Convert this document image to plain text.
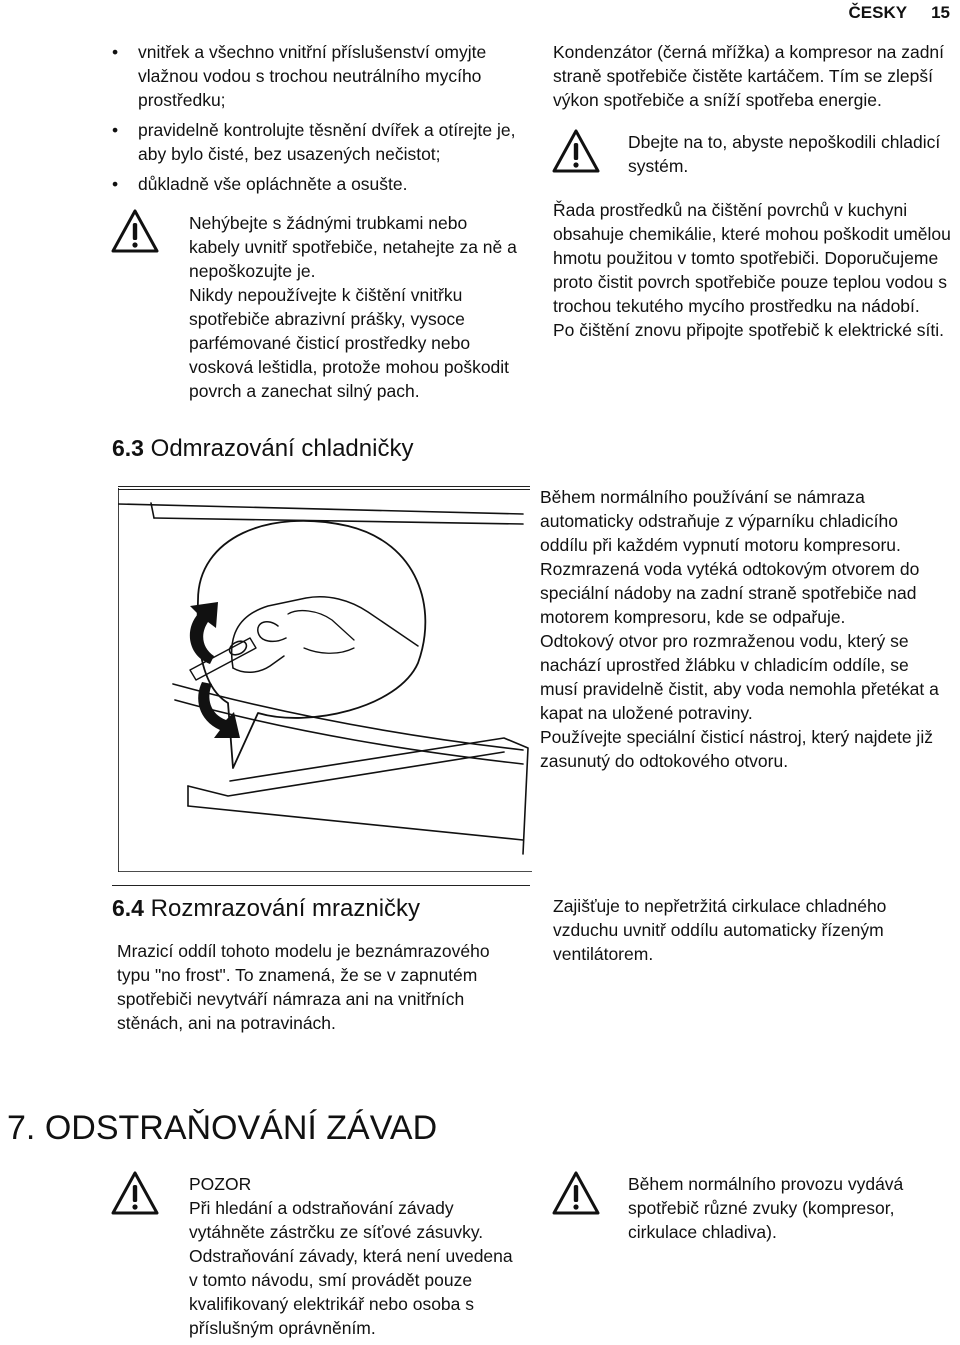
ČESKY 15
• vnitřek a všechno vnitřní příslušenství omyjte vlažnou vodou s trochou neutrálního mycího prostředku;
• pravidelně kontrolujte těsnění dvířek a otírejte je, aby bylo čisté, bez usazených nečistot;
• důkladně vše opláchněte a osušte.

Nehýbejte s žádnými trubkami nebo kabely uvnitř spotřebiče, netahejte za ně a nepoškozujte je.

Nikdy nepoužívejte k čištění vnitřku spotřebiče abrazivní prášky, vysoce parfémované čisticí prostředky nebo vosková leštidla, protože mohou poškodit povrch a zanechat silný pach.

Kondenzátor (černá mřížka) a kompresor na zadní straně spotřebiče čistěte kartáčem. Tím se zlepší výkon spotřebiče a sníží spotřeba energie.
Dbejte na to, abyste nepoškodili chladicí systém.

Řada prostředků na čištění povrchů v kuchyni obsahuje chemikálie, které mohou poškodit umělou hmotu použitou v tomto spotřebiči. Doporučujeme proto čistit povrch spotřebiče pouze teplou vodou s trochou tekutého mycího prostředku na nádobí.

Po čištění znovu připojte spotřebič k elektrické síti.

6.3 Odmrazování chladničky

Během normálního používání se námraza automaticky odstraňuje z výparníku chladicího oddílu při každém vypnutí motoru kompresoru. Rozmrazená voda vytéká odtokovým otvorem do speciální nádoby na zadní straně spotřebiče nad motorem kompresoru, kde se odpařuje.

Odtokový otvor pro rozmraženou vodu, který se nachází uprostřed žlábku v chladicím oddíle, se musí pravidelně čistit, aby voda nemohla přetékat a kapat na uložené potraviny.

Používejte speciální čisticí nástroj, který najdete již zasunutý do odtokového otvoru.

6.4 Rozmrazování mrazničky
Mrazicí oddíl tohoto modelu je beznámrazového typu "no frost". To znamená, že se v zapnutém spotřebiči nevytváří námraza ani na vnitřních stěnách, ani na potravinách.
Zajišťuje to nepřetržitá cirkulace chladného vzduchu uvnitř oddílu automaticky řízeným ventilátorem.
7. ODSTRAŇOVÁNÍ ZÁVAD

POZOR

Při hledání a odstraňování závady vytáhněte zástrčku ze síťové zásuvky.

Odstraňování závady, která není uvedena v tomto návodu, smí provádět pouze kvalifikovaný elektrikář nebo osoba s příslušným oprávněním.

Během normálního provozu vydává spotřebič různé zvuky (kompresor, cirkulace chladiva).
